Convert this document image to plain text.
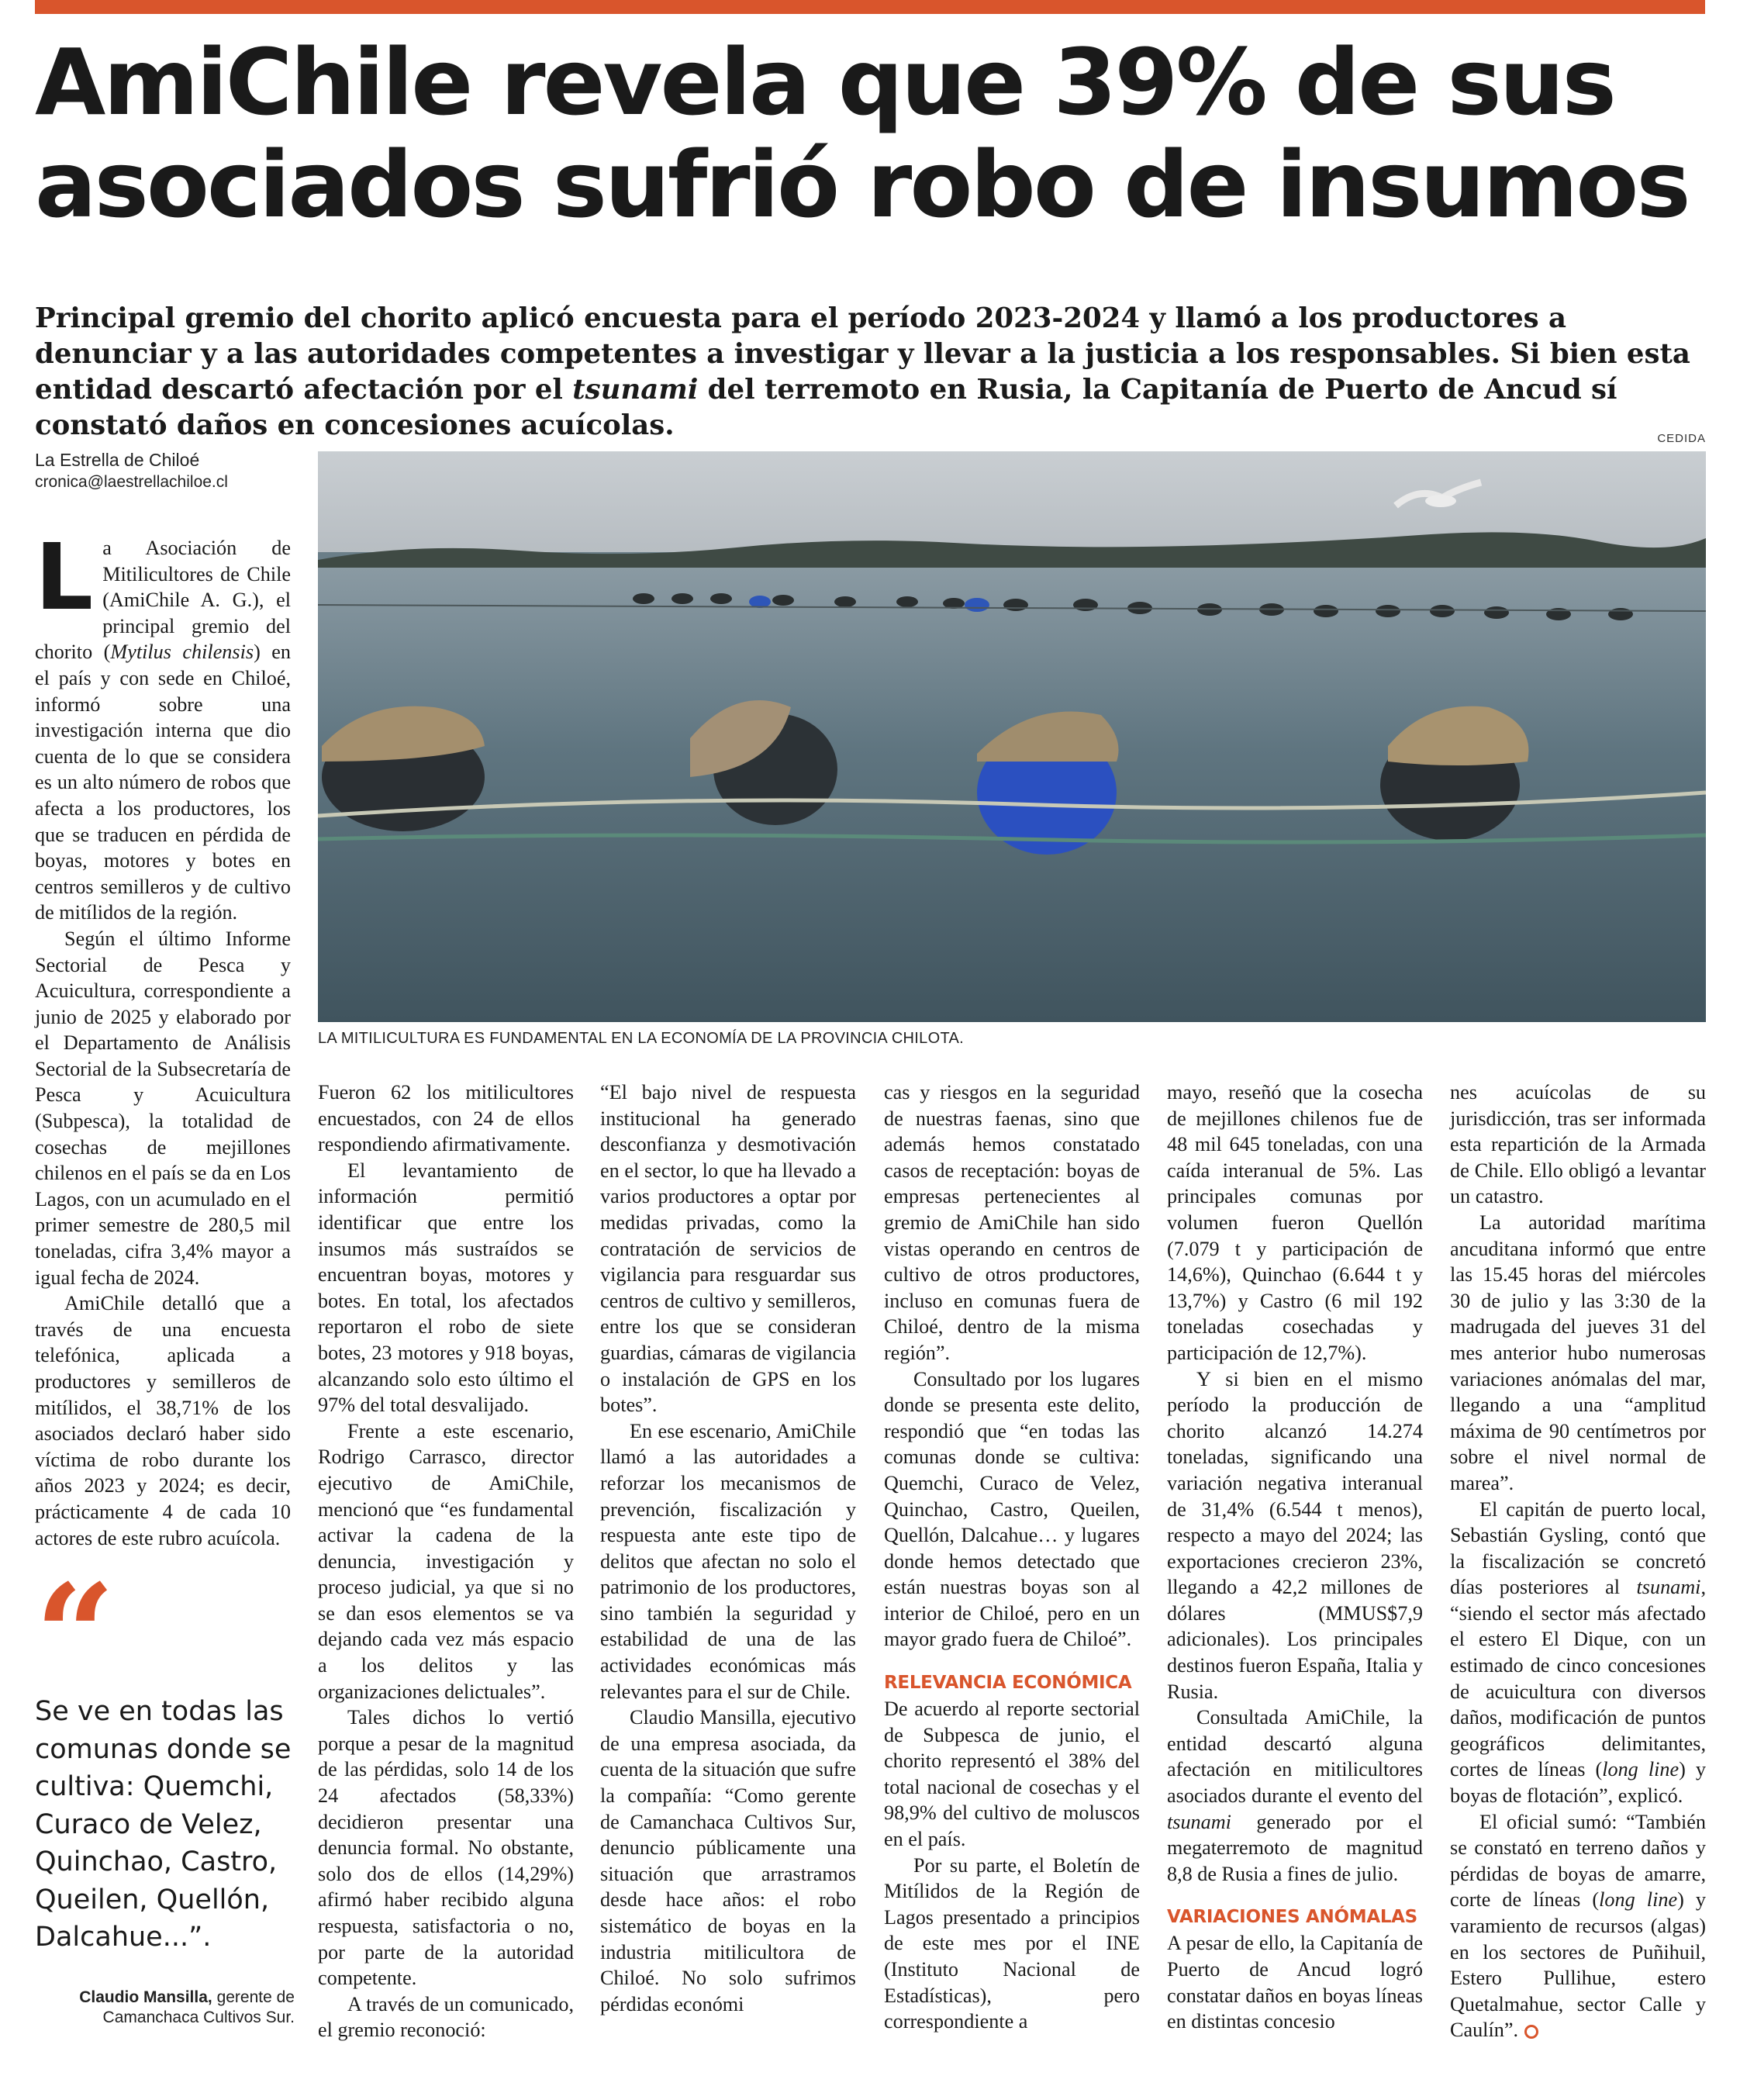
AmiChile revela que 39% de sus
asociados sufrió robo de insumos
Principal gremio del chorito aplicó encuesta para el período 2023-2024 y llamó a los productores a denunciar y a las autoridades competentes a investigar y llevar a la justicia a los responsables. Si bien esta entidad descartó afectación por el tsunami del terremoto en Rusia, la Capitanía de Puerto de Ancud sí constató daños en concesiones acuícolas.
La Estrella de Chiloé
cronica@laestrellachiloe.cl
CEDIDA
LA MITILICULTURA ES FUNDAMENTAL EN LA ECONOMÍA DE LA PROVINCIA CHILOTA.

La Asociación de Mitilicultores de Chile (AmiChile A. G.), el principal gremio del chorito (Mytilus chilensis) en el país y con sede en Chiloé, informó sobre una investigación interna que dio cuenta de lo que se considera es un alto número de robos que afecta a los productores, los que se traducen en pérdida de boyas, motores y botes en centros semilleros y de cultivo de mitílidos de la región.

Según el último Informe Sectorial de Pesca y Acuicultura, correspondiente a junio de 2025 y elaborado por el Departamento de Análisis Sectorial de la Subsecretaría de Pesca y Acuicultura (Subpesca), la totalidad de cosechas de mejillones chilenos en el país se da en Los Lagos, con un acumulado en el primer semestre de 280,5 mil toneladas, cifra 3,4% mayor a igual fecha de 2024.

AmiChile detalló que a través de una encuesta telefónica, aplicada a productores y semilleros de mitílidos, el 38,71% de los asociados declaró haber sido víctima de robo durante los años 2023 y 2024; es decir, prácticamente 4 de cada 10 actores de este rubro acuícola.

“
Se ve en todas las comunas donde se cultiva: Quemchi, Curaco de Velez, Quinchao, Castro, Queilen, Quellón, Dalcahue...”.
Claudio Mansilla, gerente de Camanchaca Cultivos Sur.

Fueron 62 los mitilicultores encuestados, con 24 de ellos respondiendo afirmativamente.

El levantamiento de información permitió identificar que entre los insumos más sustraídos se encuentran boyas, motores y botes. En total, los afectados reportaron el robo de siete botes, 23 motores y 918 boyas, alcanzando solo esto último el 97% del total desvalijado.

Frente a este escenario, Rodrigo Carrasco, director ejecutivo de AmiChile, mencionó que “es fundamental activar la cadena de la denuncia, investigación y proceso judicial, ya que si no se dan esos elementos se va dejando cada vez más espacio a los delitos y las organizaciones delictuales”.

Tales dichos lo vertió porque a pesar de la magnitud de las pérdidas, solo 14 de los 24 afectados (58,33%) decidieron presentar una denuncia formal. No obstante, solo dos de ellos (14,29%) afirmó haber recibido alguna respuesta, satisfactoria o no, por parte de la autoridad competente.

A través de un comunicado, el gremio reconoció:

“El bajo nivel de respuesta institucional ha generado desconfianza y desmotivación en el sector, lo que ha llevado a varios productores a optar por medidas privadas, como la contratación de servicios de vigilancia para resguardar sus centros de cultivo y semilleros, entre los que se consideran guardias, cámaras de vigilancia o instalación de GPS en los botes”.

En ese escenario, AmiChile llamó a las autoridades a reforzar los mecanismos de prevención, fiscalización y respuesta ante este tipo de delitos que afectan no solo el patrimonio de los productores, sino también la seguridad y estabilidad de una de las actividades económicas más relevantes para el sur de Chile.

Claudio Mansilla, ejecutivo de una empresa asociada, da cuenta de la situación que sufre la compañía: “Como gerente de Camanchaca Cultivos Sur, denuncio públicamente una situación que arrastramos desde hace años: el robo sistemático de boyas en la industria mitilicultora de Chiloé. No solo sufrimos pérdidas económi

cas y riesgos en la seguridad de nuestras faenas, sino que además hemos constatado casos de receptación: boyas de empresas pertenecientes al gremio de AmiChile han sido vistas operando en centros de cultivo de otros productores, incluso en comunas fuera de Chiloé, dentro de la misma región”.

Consultado por los lugares donde se presenta este delito, respondió que “en todas las comunas donde se cultiva: Quemchi, Curaco de Velez, Quinchao, Castro, Queilen, Quellón, Dalcahue… y lugares donde hemos detectado que están nuestras boyas son al interior de Chiloé, pero en un mayor grado fuera de Chiloé”.

RELEVANCIA ECONÓMICA

De acuerdo al reporte sectorial de Subpesca de junio, el chorito representó el 38% del total nacional de cosechas y el 98,9% del cultivo de moluscos en el país.

Por su parte, el Boletín de Mitílidos de la Región de Lagos presentado a principios de este mes por el INE (Instituto Nacional de Estadísticas), pero correspondiente a

mayo, reseñó que la cosecha de mejillones chilenos fue de 48 mil 645 toneladas, con una caída interanual de 5%. Las principales comunas por volumen fueron Quellón (7.079 t y participación de 14,6%), Quinchao (6.644 t y 13,7%) y Castro (6 mil 192 toneladas cosechadas y participación de 12,7%).

Y si bien en el mismo período la producción de chorito alcanzó 14.274 toneladas, significando una variación negativa interanual de 31,4% (6.544 t menos), respecto a mayo del 2024; las exportaciones crecieron 23%, llegando a 42,2 millones de dólares (MMUS$7,9 adicionales). Los principales destinos fueron España, Italia y Rusia.

Consultada AmiChile, la entidad descartó alguna afectación en mitilicultores asociados durante el evento del tsunami generado por el megaterremoto de magnitud 8,8 de Rusia a fines de julio.

VARIACIONES ANÓMALAS

A pesar de ello, la Capitanía de Puerto de Ancud logró constatar daños en boyas líneas en distintas concesio

nes acuícolas de su jurisdicción, tras ser informada esta repartición de la Armada de Chile. Ello obligó a levantar un catastro.

La autoridad marítima ancuditana informó que entre las 15.45 horas del miércoles 30 de julio y las 3:30 de la madrugada del jueves 31 del mes anterior hubo numerosas variaciones anómalas del mar, llegando a una “amplitud máxima de 90 centímetros por sobre el nivel normal de marea”.

El capitán de puerto local, Sebastián Gysling, contó que la fiscalización se concretó días posteriores al tsunami, “siendo el sector más afectado el estero El Dique, con un estimado de cinco concesiones de acuicultura con diversos daños, modificación de puntos geográficos delimitantes, cortes de líneas (long line) y boyas de flotación”, explicó.

El oficial sumó: “También se constató en terreno daños y pérdidas de boyas de amarre, corte de líneas (long line) y varamiento de recursos (algas) en los sectores de Puñihuil, Estero Pullihue, estero Quetalmahue, sector Calle y Caulín”.
